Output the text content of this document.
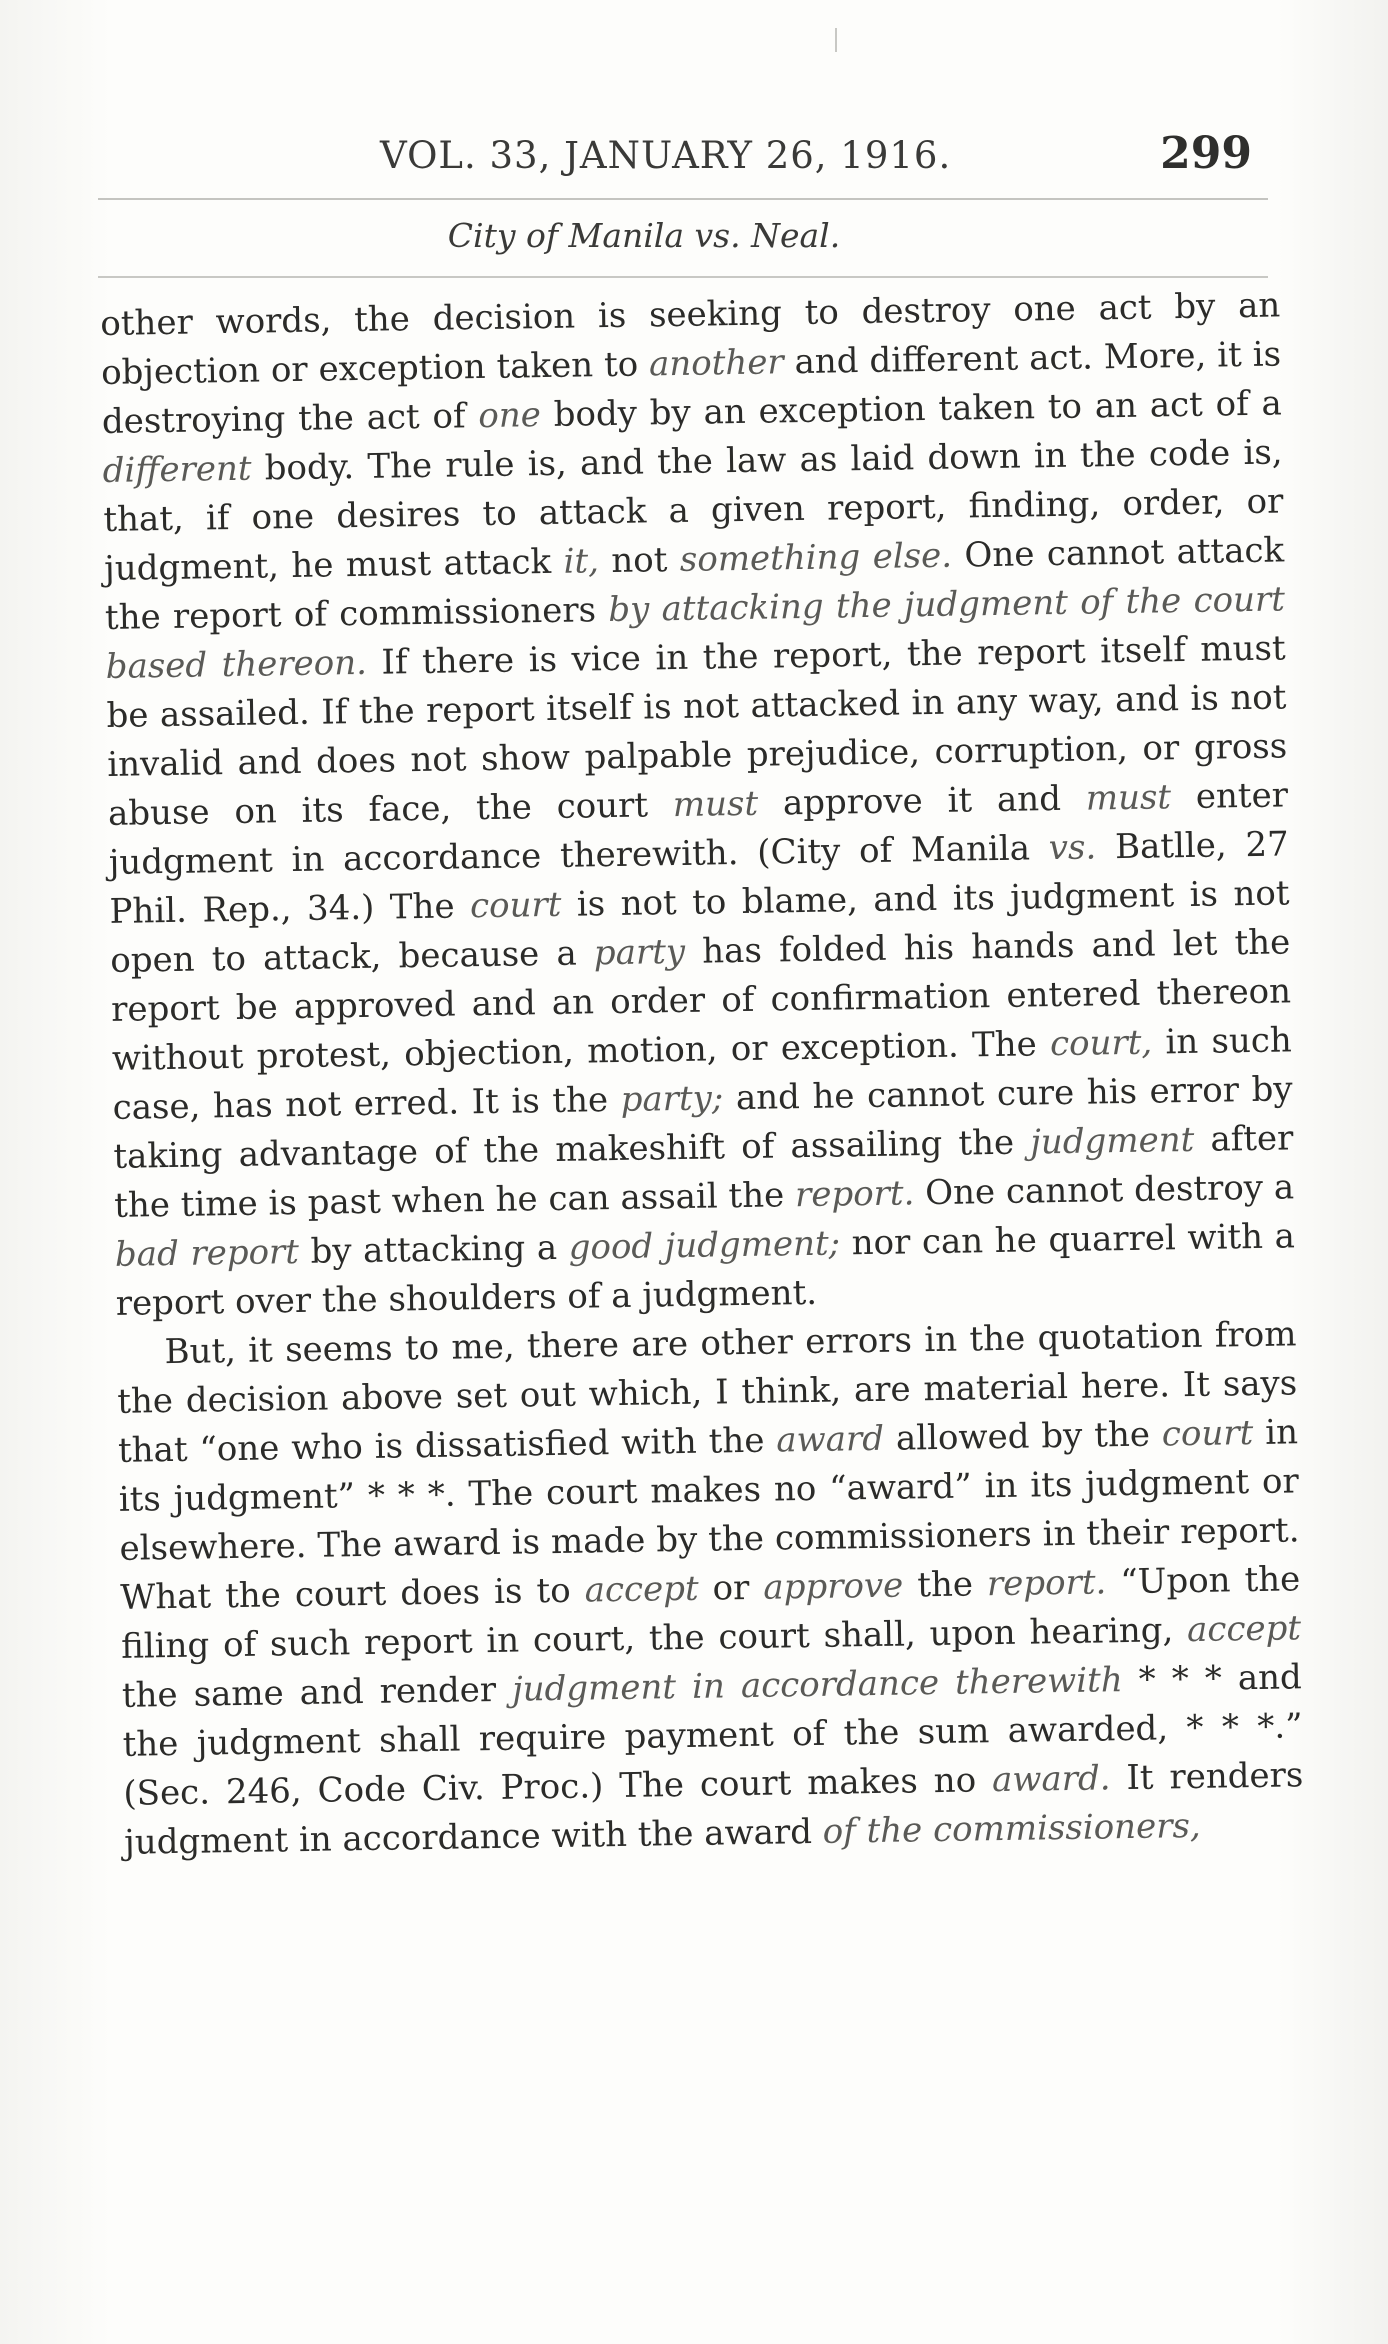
VOL. 33, JANUARY 26, 1916.	299
City of Manila vs. Neal.

other words, the decision is seeking to destroy one act by an objection or exception taken to another and different act. More, it is destroying the act of one body by an exception taken to an act of a different body. The rule is, and the law as laid down in the code is, that, if one desires to attack a given report, finding, order, or judgment, he must attack it, not something else. One cannot attack the report of commissioners by attacking the judgment of the court based thereon. If there is vice in the report, the report itself must be assailed. If the report itself is not attacked in any way, and is not invalid and does not show palpable prejudice, corruption, or gross abuse on its face, the court must approve it and must enter judgment in accordance therewith. (City of Manila vs. Batlle, 27 Phil. Rep., 34.) The court is not to blame, and its judgment is not open to attack, because a party has folded his hands and let the report be approved and an order of confirmation entered thereon without protest, objection, motion, or exception. The court, in such case, has not erred. It is the party; and he cannot cure his error by taking advantage of the makeshift of assailing the judgment after the time is past when he can assail the report. One cannot destroy a bad report by attacking a good judgment; nor can he quarrel with a report over the shoulders of a judgment.

But, it seems to me, there are other errors in the quotation from the decision above set out which, I think, are material here. It says that “one who is dissatisfied with the award allowed by the court in its judgment” * * *. The court makes no “award” in its judgment or elsewhere. The award is made by the commissioners in their report. What the court does is to accept or approve the report. “Upon the filing of such report in court, the court shall, upon hearing, accept the same and render judgment in accordance therewith * * * and the judgment shall require payment of the sum awarded, * * *.” (Sec. 246, Code Civ. Proc.) The court makes no award. It renders judgment in accordance with the award of the commissioners,
